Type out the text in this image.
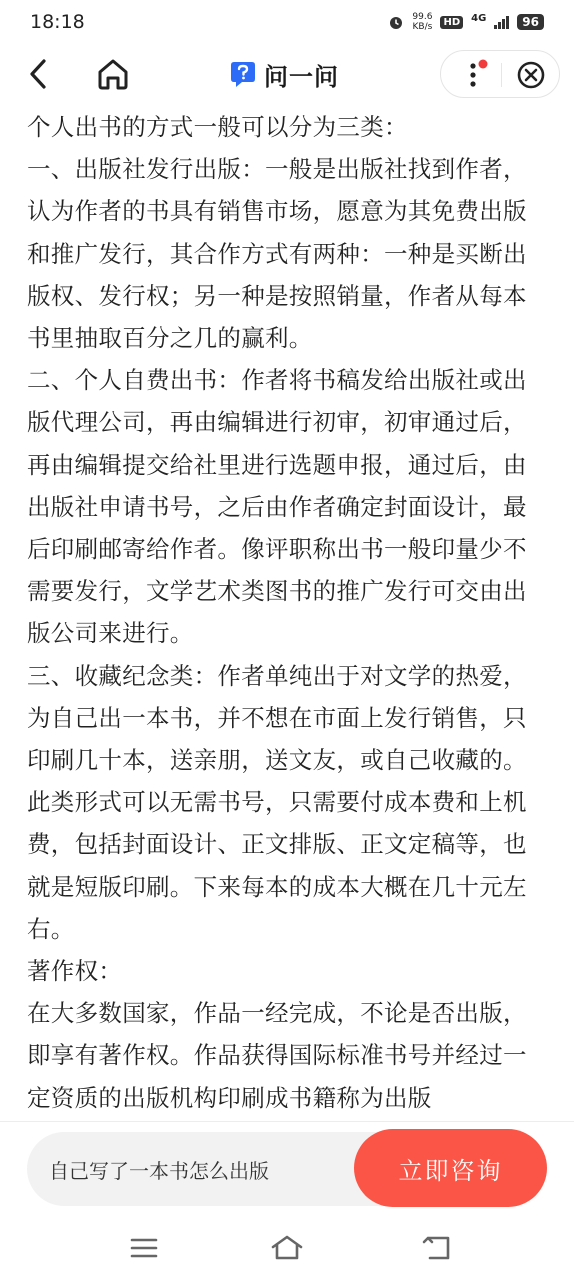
18:18	99.6
KB/s	HD	4G	96
问一问

个人出书的方式一般可以分为三类：

一、出版社发行出版：一般是出版社找到作者，认为作者的书具有销售市场，愿意为其免费出版和推广发行，其合作方式有两种：一种是买断出版权、发行权；另一种是按照销量，作者从每本书里抽取百分之几的赢利。

二、个人自费出书：作者将书稿发给出版社或出版代理公司，再由编辑进行初审，初审通过后，再由编辑提交给社里进行选题申报，通过后，由出版社申请书号，之后由作者确定封面设计，最后印刷邮寄给作者。像评职称出书一般印量少不需要发行，文学艺术类图书的推广发行可交由出版公司来进行。

三、收藏纪念类：作者单纯出于对文学的热爱，为自己出一本书，并不想在市面上发行销售，只印刷几十本，送亲朋，送文友，或自己收藏的。此类形式可以无需书号，只需要付成本费和上机费，包括封面设计、正文排版、正文定稿等，也就是短版印刷。下来每本的成本大概在几十元左右。

著作权：

在大多数国家，作品一经完成，不论是否出版，即享有著作权。作品获得国际标准书号并经过一定资质的出版机构印刷成书籍称为出版

自己写了一本书怎么出版	立即咨询
